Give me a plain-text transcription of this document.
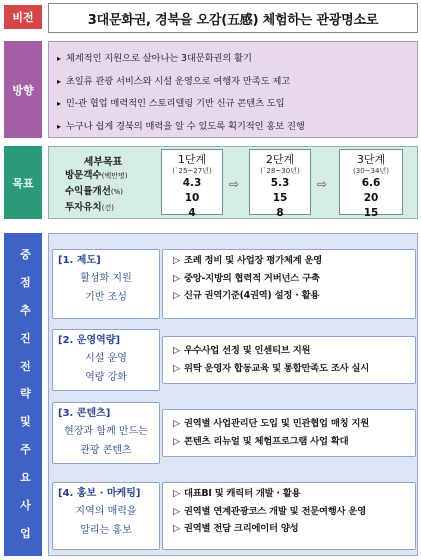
비전	3대문화권, 경북을 오감(五感) 체험하는 관광명소로
방향
▸ 체계적인 지원으로 살아나는 3대문화권의 활기
▸ 초일류 관광 서비스와 시설 운영으로 여행자 만족도 제고
▸ 민-관 협업 매력적인 스토리텔링 기반 신규 콘텐츠 도입
▸ 누구나 쉽게 경북의 매력을 알 수 있도록 획기적인 홍보 진행
목표
세부목표
방문객수(백만명)
수익률개선(%)
투자유치(건)
1단계
(`25~27년)
4.3
10
4
⇨
2단계
(`28~30년)
5.3
15
8
⇨
3단계
(30~34년)
6.6
20
15
중
점
추
진
전
략
및
주
요
사
업
[1. 제도]
활성화 지원
기반 조성
▷ 조례 정비 및 사업장 평가체계 운영
▷ 중앙-지방의 협력적 거버넌스 구축
▷ 신규 권역기준(4권역) 설정 · 활용
[2. 운영역량]
시설 운영
역량 강화
▷ 우수사업 선정 및 인센티브 지원
▷ 위탁 운영자 합동교육 및 통합만족도 조사 실시
[3. 콘텐츠]
현장과 함께 만드는
관광 콘텐츠
▷ 권역별 사업관리단 도입 및 민관협업 매칭 지원
▷ 콘텐츠 리뉴얼 및 체험프로그램 사업 확대
[4. 홍보 · 마케팅]
지역의 매력을
알리는 홍보
▷ 대표BI 및 캐릭터 개발 · 활용
▷ 권역별 연계관광코스 개발 및 전문여행사 운영
▷ 권역별 전담 크리에이터 양성
